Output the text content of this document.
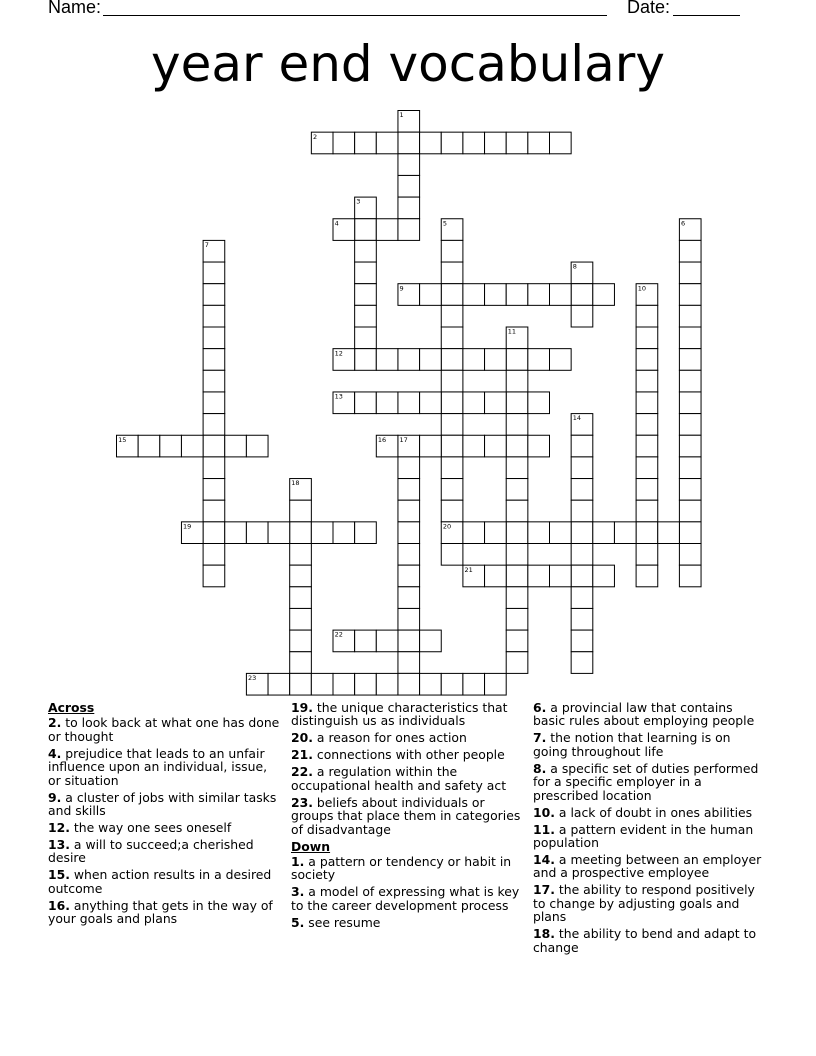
Name:	Date:
year end vocabulary
1
2
3
4	5
20
6
7
8
9	10
11
12
13
14
15	16 17
18
19
21
22
23
Across
2. to look back at what one has done or thought
4. prejudice that leads to an unfair influence upon an individual, issue, or situation
9. a cluster of jobs with similar tasks and skills
12. the way one sees oneself
13. a will to succeed;a cherished desire
15. when action results in a desired outcome
16. anything that gets in the way of your goals and plans
19. the unique characteristics that distinguish us as individuals
20. a reason for ones action
21. connections with other people
22. a regulation within the occupational health and safety act
23. beliefs about individuals or groups that place them in categories of disadvantage
Down
1. a pattern or tendency or habit in society
3. a model of expressing what is key to the career development process
5. see resume
6. a provincial law that contains basic rules about employing people
7. the notion that learning is on going throughout life
8. a specific set of duties performed for a specific employer in a prescribed location
10. a lack of doubt in ones abilities
11. a pattern evident in the human population
14. a meeting between an employer and a prospective employee
17. the ability to respond positively to change by adjusting goals and plans
18. the ability to bend and adapt to change
